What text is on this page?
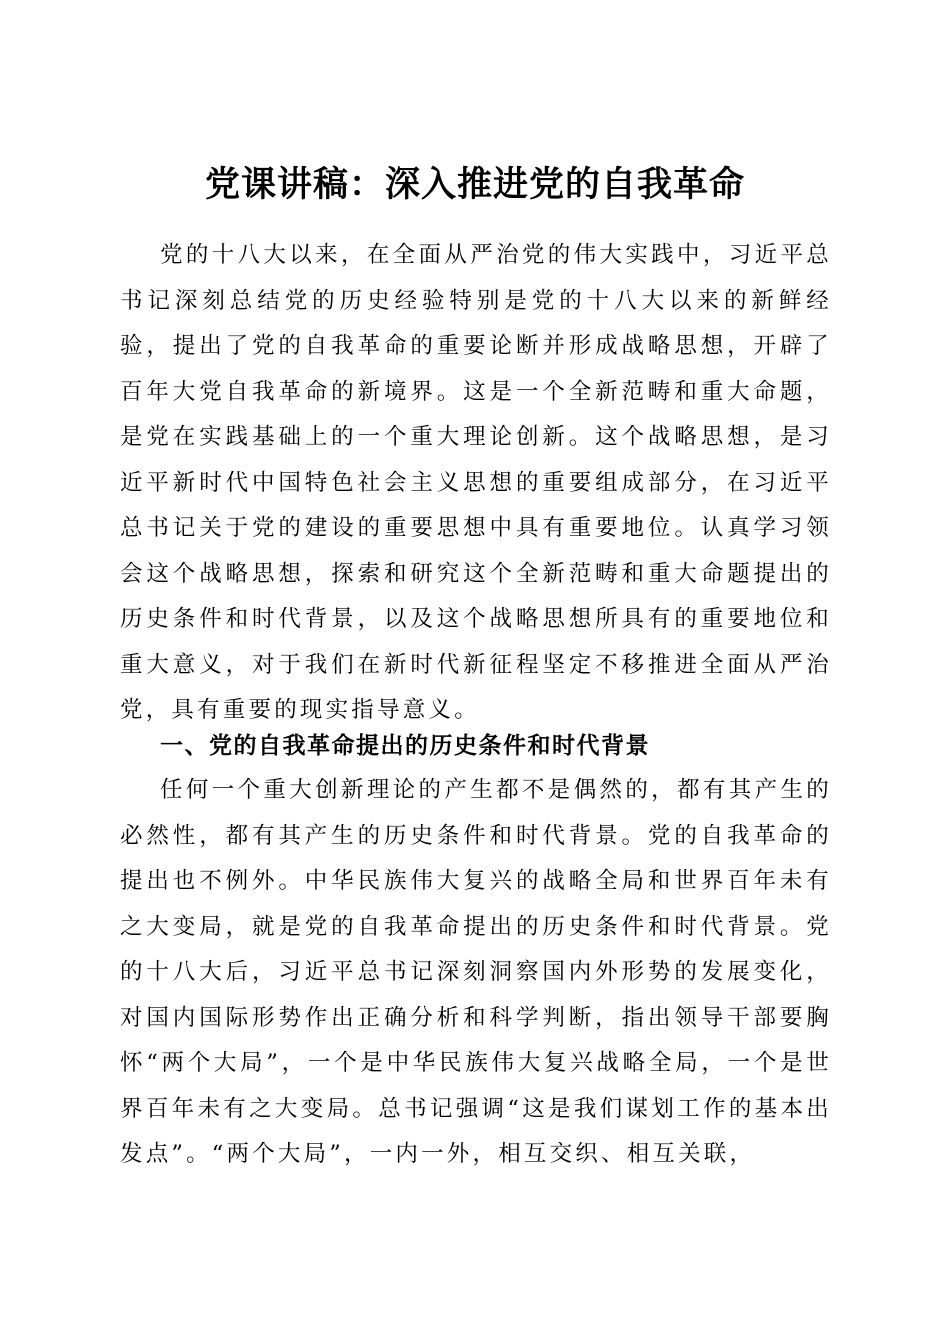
党课讲稿：深入推进党的自我革命

党的十八大以来，在全面从严治党的伟大实践中，习近平总书记深刻总结党的历史经验特别是党的十八大以来的新鲜经验，提出了党的自我革命的重要论断并形成战略思想，开辟了百年大党自我革命的新境界。这是一个全新范畴和重大命题，是党在实践基础上的一个重大理论创新。这个战略思想，是习近平新时代中国特色社会主义思想的重要组成部分，在习近平总书记关于党的建设的重要思想中具有重要地位。认真学习领会这个战略思想，探索和研究这个全新范畴和重大命题提出的历史条件和时代背景，以及这个战略思想所具有的重要地位和重大意义，对于我们在新时代新征程坚定不移推进全面从严治党，具有重要的现实指导意义。

一、党的自我革命提出的历史条件和时代背景

任何一个重大创新理论的产生都不是偶然的，都有其产生的必然性，都有其产生的历史条件和时代背景。党的自我革命的提出也不例外。中华民族伟大复兴的战略全局和世界百年未有之大变局，就是党的自我革命提出的历史条件和时代背景。党的十八大后，习近平总书记深刻洞察国内外形势的发展变化，对国内国际形势作出正确分析和科学判断，指出领导干部要胸怀“两个大局”，一个是中华民族伟大复兴战略全局，一个是世界百年未有之大变局。总书记强调“这是我们谋划工作的基本出发点”。“两个大局”，一内一外，相互交织、相互关联，
